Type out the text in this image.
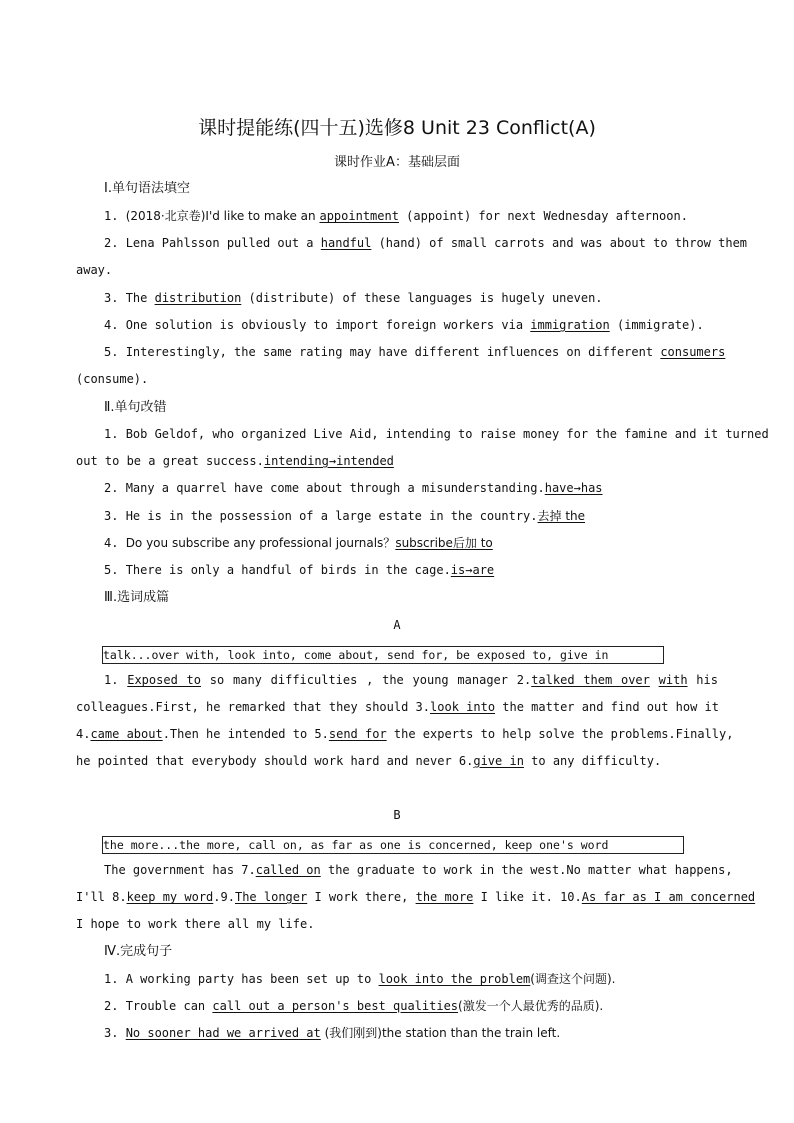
课时提能练(四十五)选修8 Unit 23 Conflict(A)
课时作业A：基础层面
Ⅰ.单句语法填空
1. (2018·北京卷)I'd like to make an appointment (appoint) for next Wednesday afternoon.
2. Lena Pahlsson pulled out a handful (hand) of small carrots and was about to throw them
away.
3. The distribution (distribute) of these languages is hugely uneven.
4. One solution is obviously to import foreign workers via immigration (immigrate).
5. Interestingly, the same rating may have different influences on different consumers
(consume).
Ⅱ.单句改错
1. Bob Geldof, who organized Live Aid, intending to raise money for the famine and it turned
out to be a great success.intending→intended
2. Many a quarrel have come about through a misunderstanding.have→has
3. He is in the possession of a large estate in the country.去掉 the
4. Do you subscribe any professional journals？subscribe后加 to
5. There is only a handful of birds in the cage.is→are
Ⅲ.选词成篇
A
talk...over with, look into, come about, send for, be exposed to, give in
1. Exposed to so many difficulties , the young manager 2.talked them over with his
colleagues.First, he remarked that they should 3.look into the matter and find out how it
4.came about.Then he intended to 5.send for the experts to help solve the problems.Finally,
he pointed that everybody should work hard and never 6.give in to any difficulty.
B
the more...the more, call on, as far as one is concerned, keep one's word
The government has 7.called on the graduate to work in the west.No matter what happens,
I'll 8.keep my word.9.The longer I work there, the more I like it. 10.As far as I am concerned
I hope to work there all my life.
Ⅳ.完成句子
1. A working party has been set up to look into the problem(调查这个问题).
2. Trouble can call out a person's best qualities(激发一个人最优秀的品质).
3. No sooner had we arrived at (我们刚到)the station than the train left.
